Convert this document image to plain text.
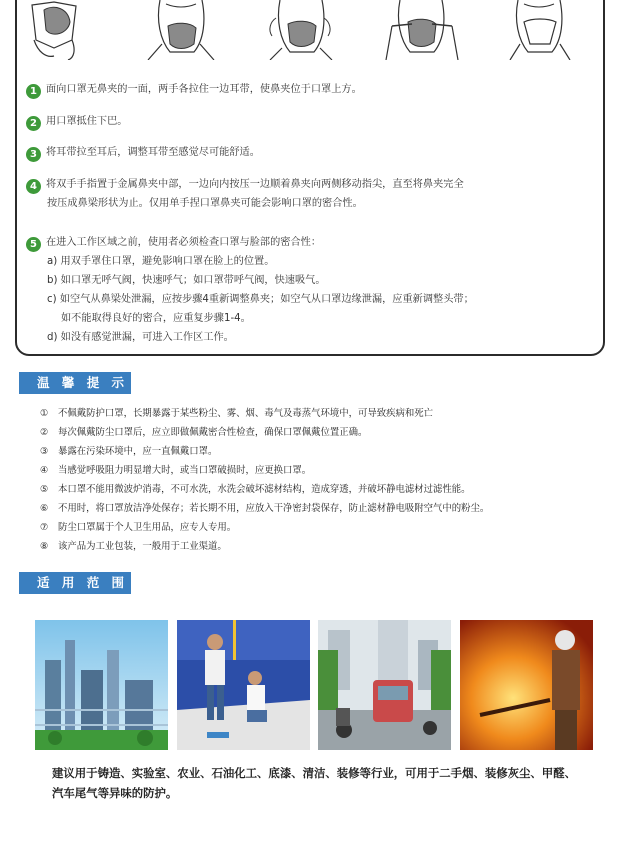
1 面向口罩无鼻夹的一面，两手各拉住一边耳带，使鼻夹位于口罩上方。
2 用口罩抵住下巴。
3 将耳带拉至耳后，调整耳带至感觉尽可能舒适。
4 将双手手指置于金属鼻夹中部，一边向内按压一边顺着鼻夹向两侧移动指尖，直至将鼻夹完全
按压成鼻梁形状为止。仅用单手捏口罩鼻夹可能会影响口罩的密合性。
5 在进入工作区域之前，使用者必须检查口罩与脸部的密合性：
a) 用双手罩住口罩，避免影响口罩在脸上的位置。
b) 如口罩无呼气阀，快速呼气；如口罩带呼气阀，快速吸气。
c) 如空气从鼻梁处泄漏，应按步骤4重新调整鼻夹；如空气从口罩边缘泄漏，应重新调整头带；
如不能取得良好的密合，应重复步骤1-4。
d) 如没有感觉泄漏，可进入工作区工作。
温 馨 提 示
① 不佩戴防护口罩，长期暴露于某些粉尘、雾、烟、毒气及毒蒸气环境中，可导致疾病和死亡
② 每次佩戴防尘口罩后，应立即做佩戴密合性检查，确保口罩佩戴位置正确。
③ 暴露在污染环境中，应一直佩戴口罩。
④ 当感觉呼吸阻力明显增大时，或当口罩破损时，应更换口罩。
⑤ 本口罩不能用微波炉消毒，不可水洗，水洗会破坏滤材结构，造成穿透，并破坏静电滤材过滤性能。
⑥ 不用时，将口罩放洁净处保存；若长期不用，应放入干净密封袋保存，防止滤材静电吸附空气中的粉尘。
⑦ 防尘口罩属于个人卫生用品，应专人专用。
⑧ 该产品为工业包装，一般用于工业渠道。
适 用 范 围
建议用于铸造、实验室、农业、石油化工、底漆、清洁、装修等行业，可用于二手烟、装修灰尘、甲醛、汽车尾气等异味的防护。
